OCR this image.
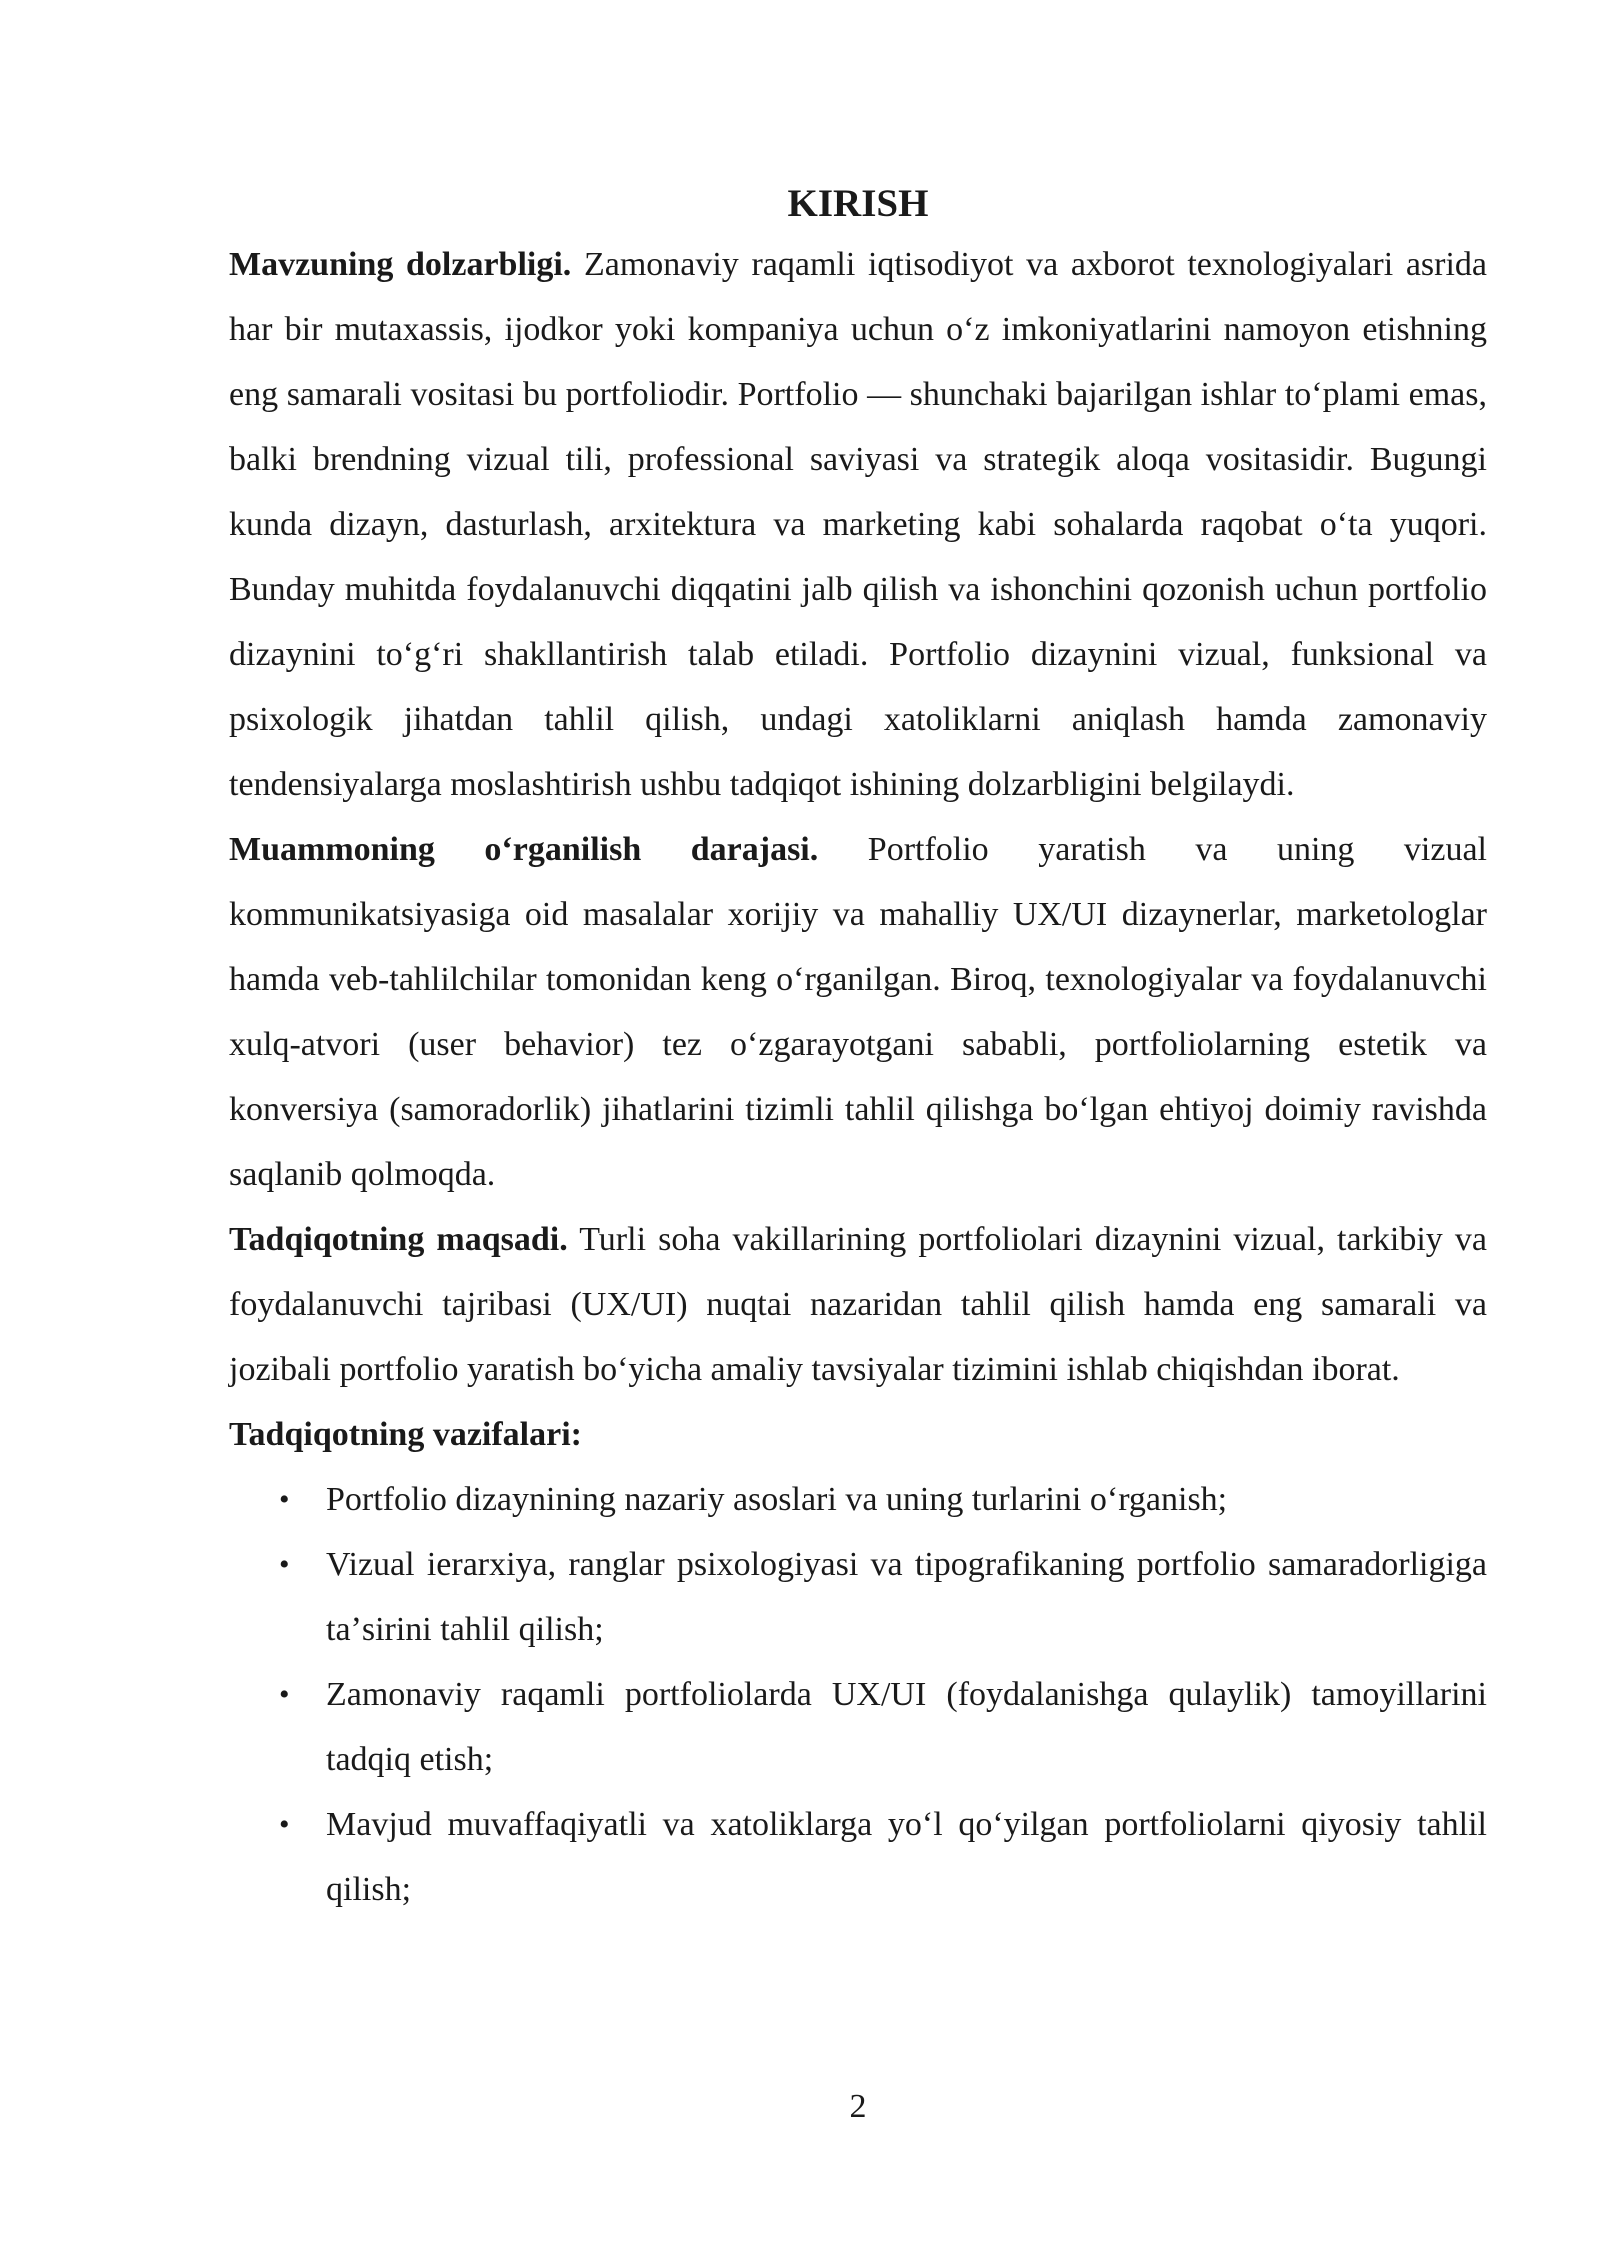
KIRISH

Mavzuning dolzarbligi. Zamonaviy raqamli iqtisodiyot va axborot texnologiyalari asrida har bir mutaxassis, ijodkor yoki kompaniya uchun oʻz imkoniyatlarini namoyon etishning eng samarali vositasi bu portfoliodir. Portfolio — shunchaki bajarilgan ishlar toʻplami emas, balki brendning vizual tili, professional saviyasi va strategik aloqa vositasidir. Bugungi kunda dizayn, dasturlash, arxitektura va marketing kabi sohalarda raqobat oʻta yuqori. Bunday muhitda foydalanuvchi diqqatini jalb qilish va ishonchini qozonish uchun portfolio dizaynini toʻgʻri shakllantirish talab etiladi. Portfolio dizaynini vizual, funksional va psixologik jihatdan tahlil qilish, undagi xatoliklarni aniqlash hamda zamonaviy tendensiyalarga moslashtirish ushbu tadqiqot ishining dolzarbligini belgilaydi.

Muammoning oʻrganilish darajasi. Portfolio yaratish va uning vizual kommunikatsiyasiga oid masalalar xorijiy va mahalliy UX/UI dizaynerlar, marketologlar hamda veb-tahlilchilar tomonidan keng oʻrganilgan. Biroq, texnologiyalar va foydalanuvchi xulq-atvori (user behavior) tez oʻzgarayotgani sababli, portfoliolarning estetik va konversiya (samoradorlik) jihatlarini tizimli tahlil qilishga boʻlgan ehtiyoj doimiy ravishda saqlanib qolmoqda.

Tadqiqotning maqsadi. Turli soha vakillarining portfoliolari dizaynini vizual, tarkibiy va foydalanuvchi tajribasi (UX/UI) nuqtai nazaridan tahlil qilish hamda eng samarali va jozibali portfolio yaratish boʻyicha amaliy tavsiyalar tizimini ishlab chiqishdan iborat.

Tadqiqotning vazifalari:

• Portfolio dizaynining nazariy asoslari va uning turlarini oʻrganish;
• Vizual ierarxiya, ranglar psixologiyasi va tipografikaning portfolio samaradorligiga taʼsirini tahlil qilish;
• Zamonaviy raqamli portfoliolarda UX/UI (foydalanishga qulaylik) tamoyillarini tadqiq etish;
• Mavjud muvaffaqiyatli va xatoliklarga yoʻl qoʻyilgan portfoliolarni qiyosiy tahlil qilish;
2
